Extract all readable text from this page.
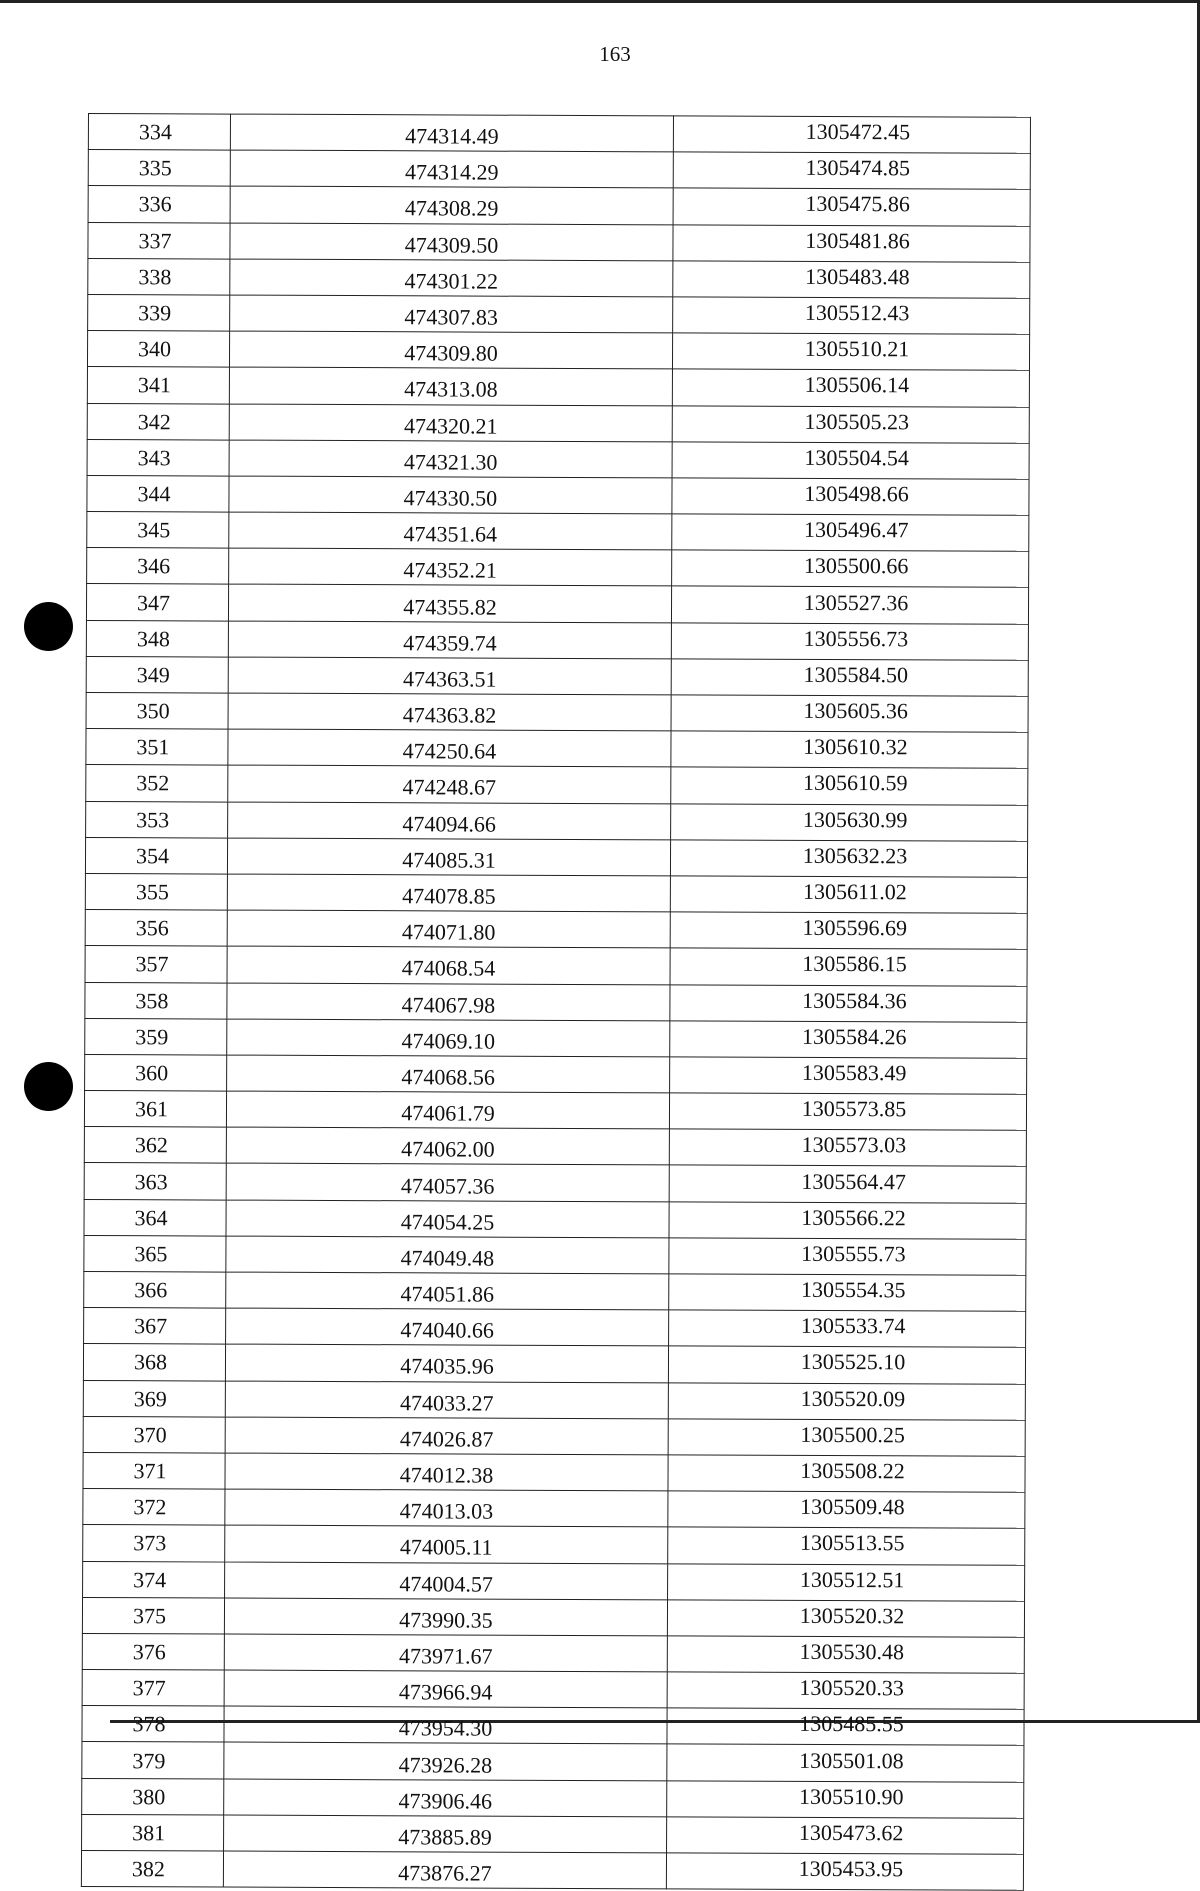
163
334	474314.49	1305472.45
335	474314.29	1305474.85
336	474308.29	1305475.86
337	474309.50	1305481.86
338	474301.22	1305483.48
339	474307.83	1305512.43
340	474309.80	1305510.21
341	474313.08	1305506.14
342	474320.21	1305505.23
343	474321.30	1305504.54
344	474330.50	1305498.66
345	474351.64	1305496.47
346	474352.21	1305500.66
347	474355.82	1305527.36
348	474359.74	1305556.73
349	474363.51	1305584.50
350	474363.82	1305605.36
351	474250.64	1305610.32
352	474248.67	1305610.59
353	474094.66	1305630.99
354	474085.31	1305632.23
355	474078.85	1305611.02
356	474071.80	1305596.69
357	474068.54	1305586.15
358	474067.98	1305584.36
359	474069.10	1305584.26
360	474068.56	1305583.49
361	474061.79	1305573.85
362	474062.00	1305573.03
363	474057.36	1305564.47
364	474054.25	1305566.22
365	474049.48	1305555.73
366	474051.86	1305554.35
367	474040.66	1305533.74
368	474035.96	1305525.10
369	474033.27	1305520.09
370	474026.87	1305500.25
371	474012.38	1305508.22
372	474013.03	1305509.48
373	474005.11	1305513.55
374	474004.57	1305512.51
375	473990.35	1305520.32
376	473971.67	1305530.48
377	473966.94	1305520.33
378	473954.30	1305485.55
379	473926.28	1305501.08
380	473906.46	1305510.90
381	473885.89	1305473.62
382	473876.27	1305453.95
